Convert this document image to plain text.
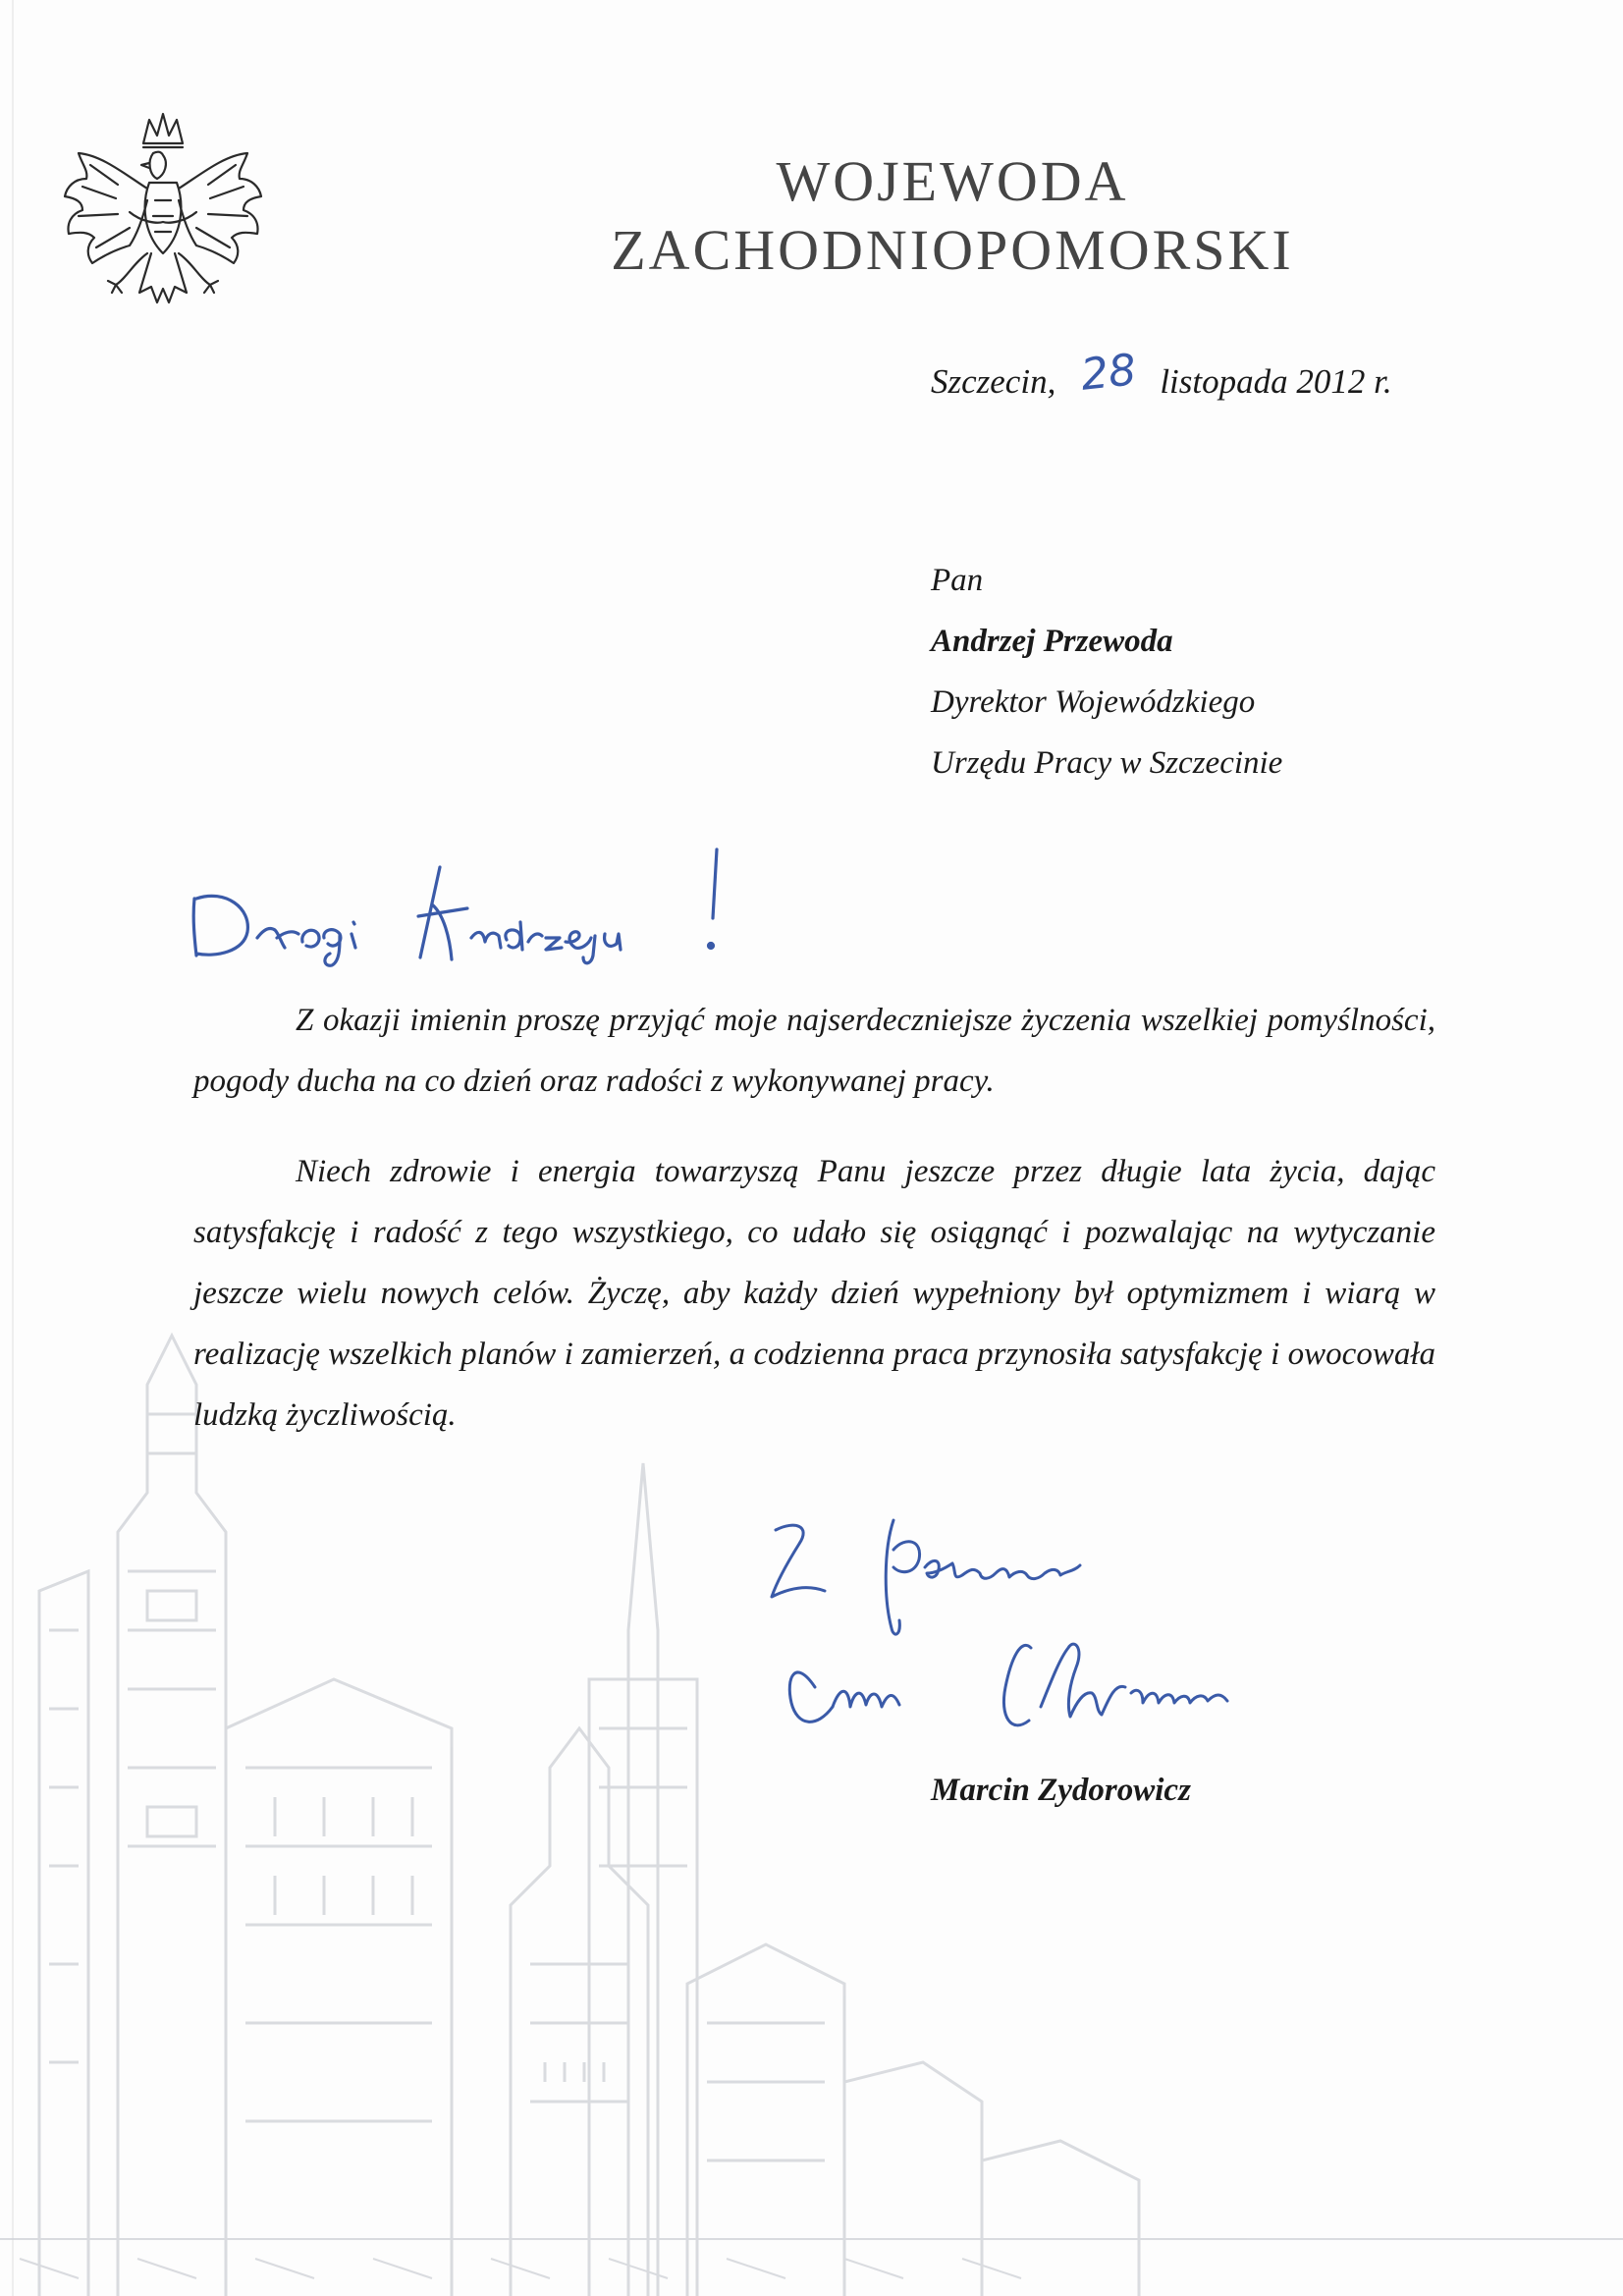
WOJEWODA
ZACHODNIOPOMORSKI
Szczecin, 28 listopada 2012 r.
Pan
Andrzej Przewoda
Dyrektor Wojewódzkiego
Urzędu Pracy w Szczecinie

Z okazji imienin proszę przyjąć moje najserdeczniejsze życzenia wszelkiej pomyślności, pogody ducha na co dzień oraz radości z wykonywanej pracy.

Niech zdrowie i energia towarzyszą Panu jeszcze przez długie lata życia, dając satysfakcję i radość z tego wszystkiego, co udało się osiągnąć i pozwalając na wytyczanie jeszcze wielu nowych celów. Życzę, aby każdy dzień wypełniony był optymizmem i wiarą w realizację wszelkich planów i zamierzeń, a codzienna praca przynosiła satysfakcję i owocowała ludzką życzliwością.

Marcin Zydorowicz
